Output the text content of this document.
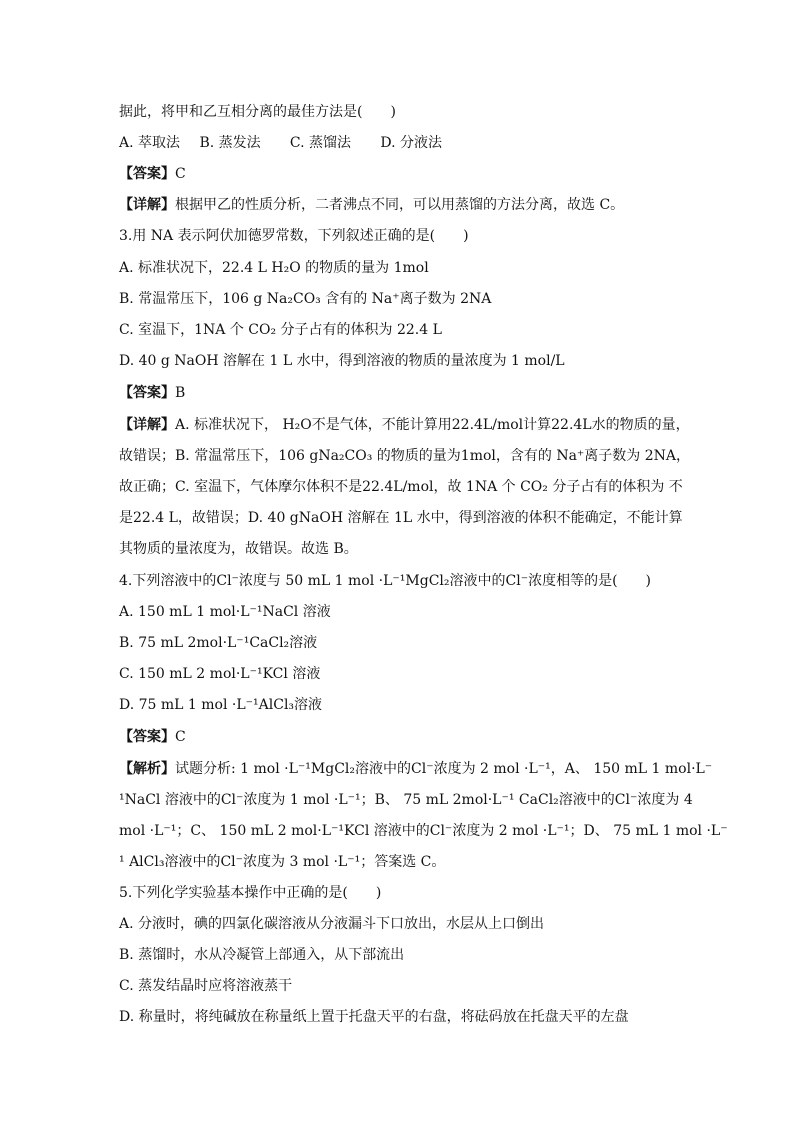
据此，将甲和乙互相分离的最佳方法是(　　)
A. 萃取法 B. 蒸发法 C. 蒸馏法 D. 分液法
【答案】C
【详解】根据甲乙的性质分析，二者沸点不同，可以用蒸馏的方法分离，故选 C。
3.用 NA 表示阿伏加德罗常数，下列叙述正确的是(　　)
A. 标准状况下，22.4 L H₂O 的物质的量为 1mol
B. 常温常压下，106 g Na₂CO₃ 含有的 Na⁺离子数为 2NA
C. 室温下，1NA 个 CO₂ 分子占有的体积为 22.4 L
D. 40 g NaOH 溶解在 1 L 水中，得到溶液的物质的量浓度为 1 mol/L
【答案】B
【详解】A. 标准状况下， H₂O不是气体，不能计算用22.4L/mol计算22.4L水的物质的量，
故错误；B. 常温常压下，106 gNa₂CO₃ 的物质的量为1mol，含有的 Na⁺离子数为 2NA，
故正确；C. 室温下，气体摩尔体积不是22.4L/mol，故 1NA 个 CO₂ 分子占有的体积为 不
是22.4 L，故错误；D. 40 gNaOH 溶解在 1L 水中，得到溶液的体积不能确定，不能计算
其物质的量浓度为，故错误。故选 B。
4.下列溶液中的Cl⁻浓度与 50 mL 1 mol ·L⁻¹MgCl₂溶液中的Cl⁻浓度相等的是(　　)
A. 150 mL 1 mol·L⁻¹NaCl 溶液
B. 75 mL 2mol·L⁻¹CaCl₂溶液
C. 150 mL 2 mol·L⁻¹KCl 溶液
D. 75 mL 1 mol ·L⁻¹AlCl₃溶液
【答案】C
【解析】试题分析: 1 mol ·L⁻¹MgCl₂溶液中的Cl⁻浓度为 2 mol ·L⁻¹，A、 150 mL 1 mol·L⁻
¹NaCl 溶液中的Cl⁻浓度为 1 mol ·L⁻¹；B、 75 mL 2mol·L⁻¹ CaCl₂溶液中的Cl⁻浓度为 4
mol ·L⁻¹；C、 150 mL 2 mol·L⁻¹KCl 溶液中的Cl⁻浓度为 2 mol ·L⁻¹；D、 75 mL 1 mol ·L⁻
¹ AlCl₃溶液中的Cl⁻浓度为 3 mol ·L⁻¹；答案选 C。
5.下列化学实验基本操作中正确的是(　　)
A. 分液时，碘的四氯化碳溶液从分液漏斗下口放出，水层从上口倒出
B. 蒸馏时，水从冷凝管上部通入，从下部流出
C. 蒸发结晶时应将溶液蒸干
D. 称量时，将纯碱放在称量纸上置于托盘天平的右盘，将砝码放在托盘天平的左盘
